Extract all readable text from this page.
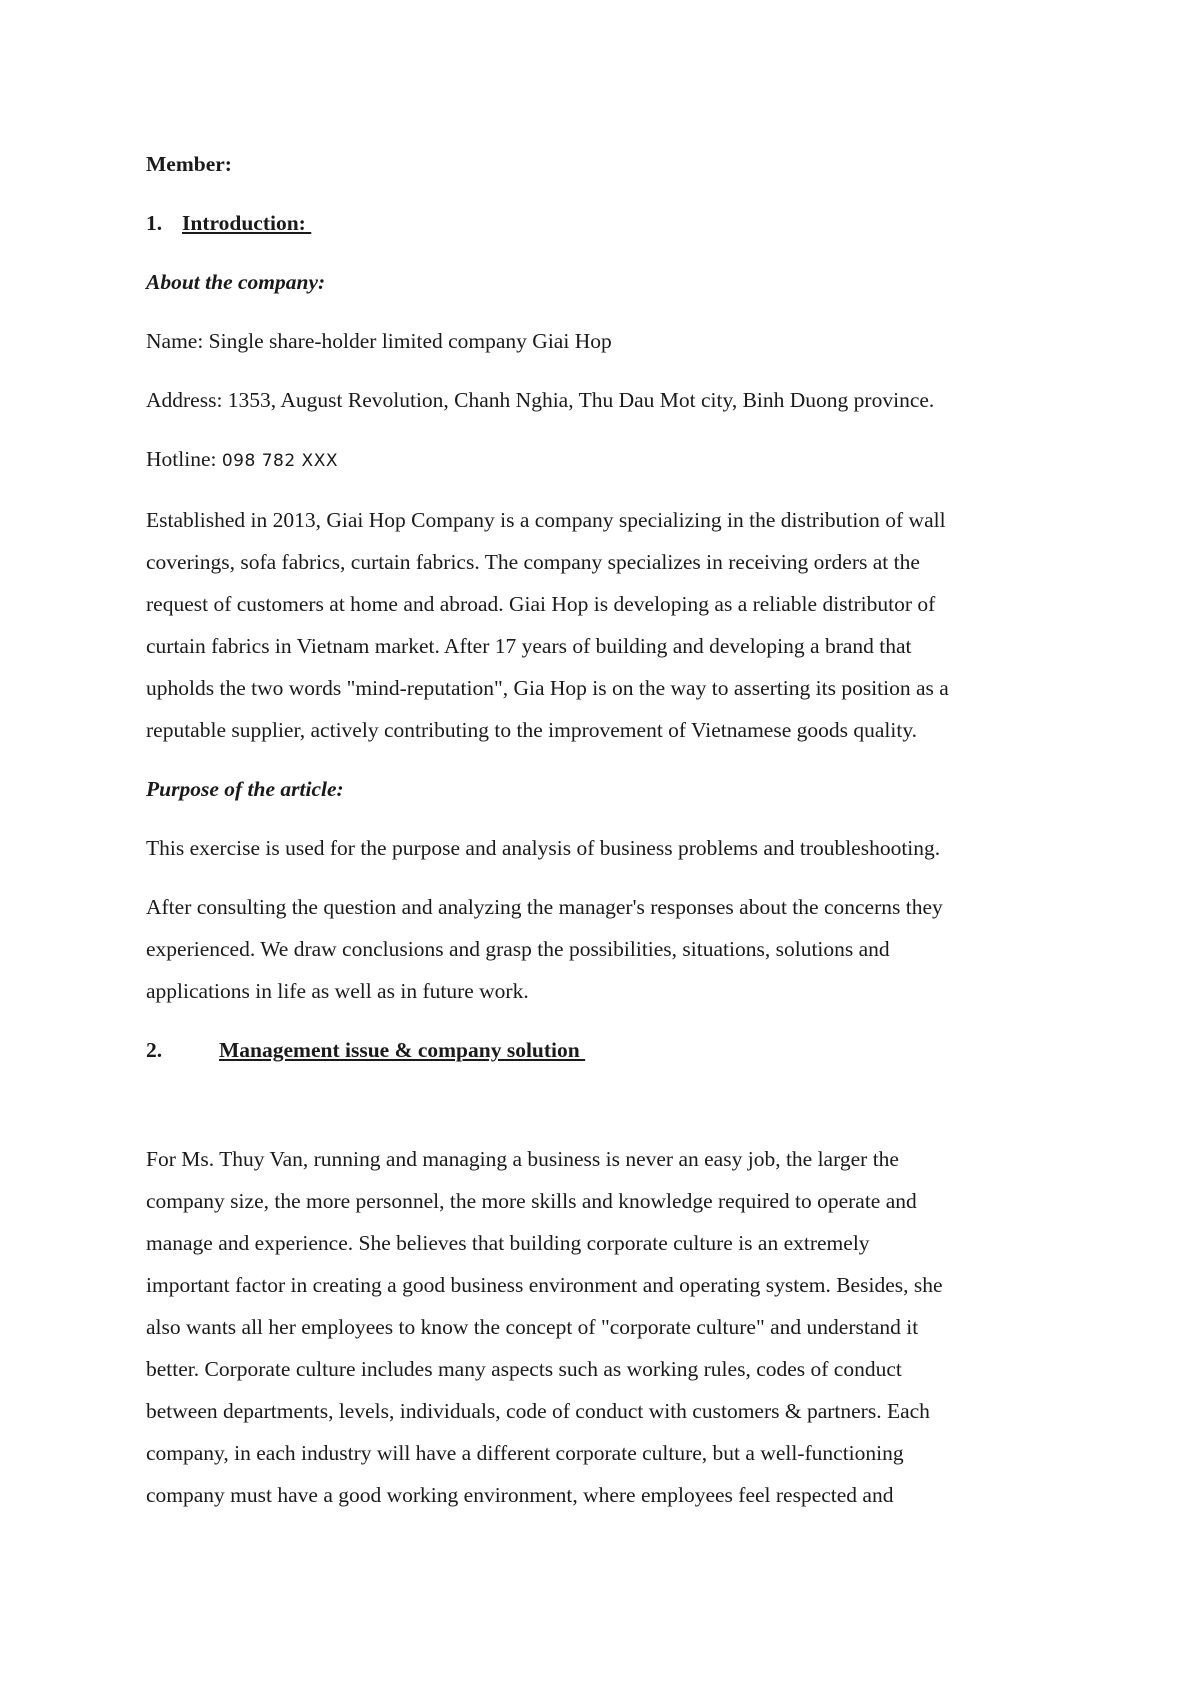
Member:

1. Introduction:

About the company:

Name: Single share-holder limited company Giai Hop

Address: 1353, August Revolution, Chanh Nghia, Thu Dau Mot city, Binh Duong province.

Hotline: 098 782 XXX

Established in 2013, Giai Hop Company is a company specializing in the distribution of wall

coverings, sofa fabrics, curtain fabrics. The company specializes in receiving orders at the

request of customers at home and abroad. Giai Hop is developing as a reliable distributor of

curtain fabrics in Vietnam market. After 17 years of building and developing a brand that

upholds the two words "mind-reputation", Gia Hop is on the way to asserting its position as a

reputable supplier, actively contributing to the improvement of Vietnamese goods quality.

Purpose of the article:

This exercise is used for the purpose and analysis of business problems and troubleshooting.

After consulting the question and analyzing the manager's responses about the concerns they

experienced. We draw conclusions and grasp the possibilities, situations, solutions and

applications in life as well as in future work.

2.	Management issue & company solution

For Ms. Thuy Van, running and managing a business is never an easy job, the larger the

company size, the more personnel, the more skills and knowledge required to operate and

manage and experience. She believes that building corporate culture is an extremely

important factor in creating a good business environment and operating system. Besides, she

also wants all her employees to know the concept of "corporate culture" and understand it

better. Corporate culture includes many aspects such as working rules, codes of conduct

between departments, levels, individuals, code of conduct with customers & partners. Each

company, in each industry will have a different corporate culture, but a well-functioning

company must have a good working environment, where employees feel respected and
